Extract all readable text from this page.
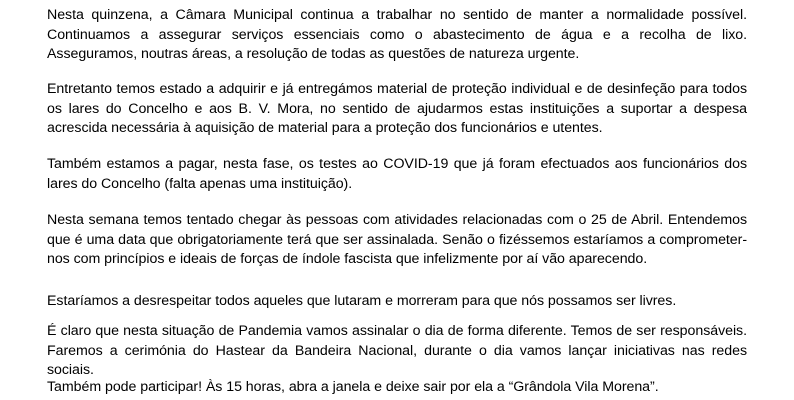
Nesta quinzena, a Câmara Municipal continua a trabalhar no sentido de manter a normalidade possível. Continuamos a assegurar serviços essenciais como o abastecimento de água e a recolha de lixo. Asseguramos, noutras áreas, a resolução de todas as questões de natureza urgente.

Entretanto temos estado a adquirir e já entregámos material de proteção individual e de desinfeção para todos os lares do Concelho e aos B. V. Mora, no sentido de ajudarmos estas instituições a suportar a despesa acrescida necessária à aquisição de material para a proteção dos funcionários e utentes.

Também estamos a pagar, nesta fase, os testes ao COVID-19 que já foram efectuados aos funcionários dos lares do Concelho (falta apenas uma instituição).

Nesta semana temos tentado chegar às pessoas com atividades relacionadas com o 25 de Abril. Entendemos que é uma data que obrigatoriamente terá que ser assinalada. Senão o fizéssemos estaríamos a comprometer-nos com princípios e ideais de forças de índole fascista que infelizmente por aí vão aparecendo.

Estaríamos a desrespeitar todos aqueles que lutaram e morreram para que nós possamos ser livres.

É claro que nesta situação de Pandemia vamos assinalar o dia de forma diferente. Temos de ser responsáveis. Faremos a cerimónia do Hastear da Bandeira Nacional, durante o dia vamos lançar iniciativas nas redes sociais.

Também pode participar! Às 15 horas, abra a janela e deixe sair por ela a “Grândola Vila Morena”.
